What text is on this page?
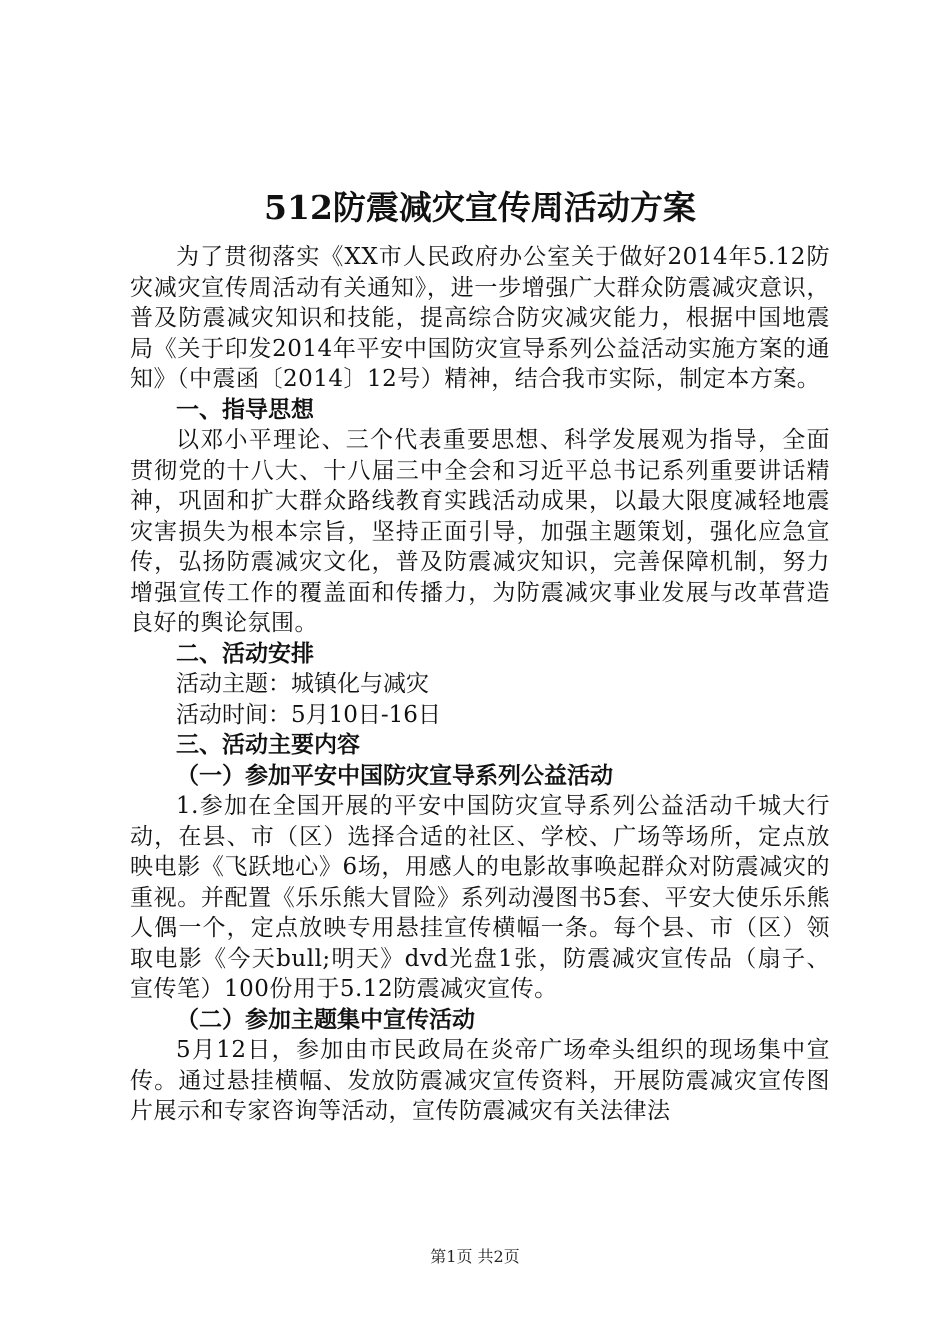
512防震减灾宣传周活动方案

为了贯彻落实《XX市人民政府办公室关于做好2014年5.12防灾减灾宣传周活动有关通知》，进一步增强广大群众防震减灾意识，普及防震减灾知识和技能，提高综合防灾减灾能力，根据中国地震局《关于印发2014年平安中国防灾宣导系列公益活动实施方案的通知》（中震函〔2014〕12号）精神，结合我市实际，制定本方案。

一、指导思想

以邓小平理论、三个代表重要思想、科学发展观为指导，全面贯彻党的十八大、十八届三中全会和习近平总书记系列重要讲话精神，巩固和扩大群众路线教育实践活动成果，以最大限度减轻地震灾害损失为根本宗旨，坚持正面引导，加强主题策划，强化应急宣传，弘扬防震减灾文化，普及防震减灾知识，完善保障机制，努力增强宣传工作的覆盖面和传播力，为防震减灾事业发展与改革营造良好的舆论氛围。

二、活动安排

活动主题：城镇化与减灾

活动时间：5月10日-16日

三、活动主要内容

（一）参加平安中国防灾宣导系列公益活动

1.参加在全国开展的平安中国防灾宣导系列公益活动千城大行动，在县、市（区）选择合适的社区、学校、广场等场所，定点放映电影《飞跃地心》6场，用感人的电影故事唤起群众对防震减灾的重视。并配置《乐乐熊大冒险》系列动漫图书5套、平安大使乐乐熊人偶一个，定点放映专用悬挂宣传横幅一条。每个县、市（区）领取电影《今天bull;明天》dvd光盘1张，防震减灾宣传品（扇子、宣传笔）100份用于5.12防震减灾宣传。

（二）参加主题集中宣传活动

5月12日，参加由市民政局在炎帝广场牵头组织的现场集中宣传。通过悬挂横幅、发放防震减灾宣传资料，开展防震减灾宣传图片展示和专家咨询等活动，宣传防震减灾有关法律法

第1页 共2页
